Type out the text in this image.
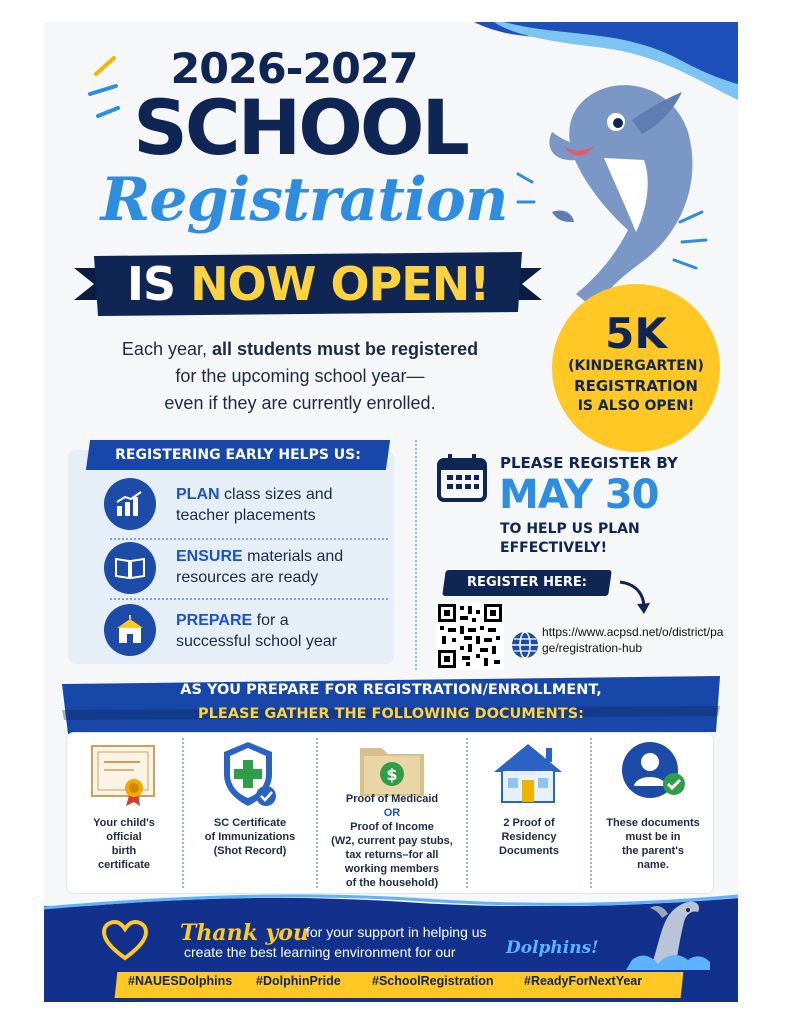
2026-2027
SCHOOL
Registration
IS NOW OPEN!
Each year, all students must be registered
for the upcoming school year—
even if they are currently enrolled.
5K
(KINDERGARTEN)
REGISTRATION
IS ALSO OPEN!
REGISTERING EARLY HELPS US:
PLAN class sizes and
teacher placements
ENSURE materials and
resources are ready
PREPARE for a
successful school year
PLEASE REGISTER BY
MAY 30
TO HELP US PLAN
EFFECTIVELY!
REGISTER HERE:
https://www.acpsd.net/o/district/page/registration-hub
AS YOU PREPARE FOR REGISTRATION/ENROLLMENT,
PLEASE GATHER THE FOLLOWING DOCUMENTS:
$
Your child's
official
birth
certificate
SC Certificate
of Immunizations
(Shot Record)
Proof of Medicaid
OR
Proof of Income
(W2, current pay stubs,
tax returns–for all
working members
of the household)
2 Proof of
Residency
Documents
These documents
must be in
the parent's
name.
Thank you
for your support in helping us
create the best learning environment for our	Dolphins!
#NAUESDolphins #DolphinPride	#SchoolRegistration #ReadyForNextYear
